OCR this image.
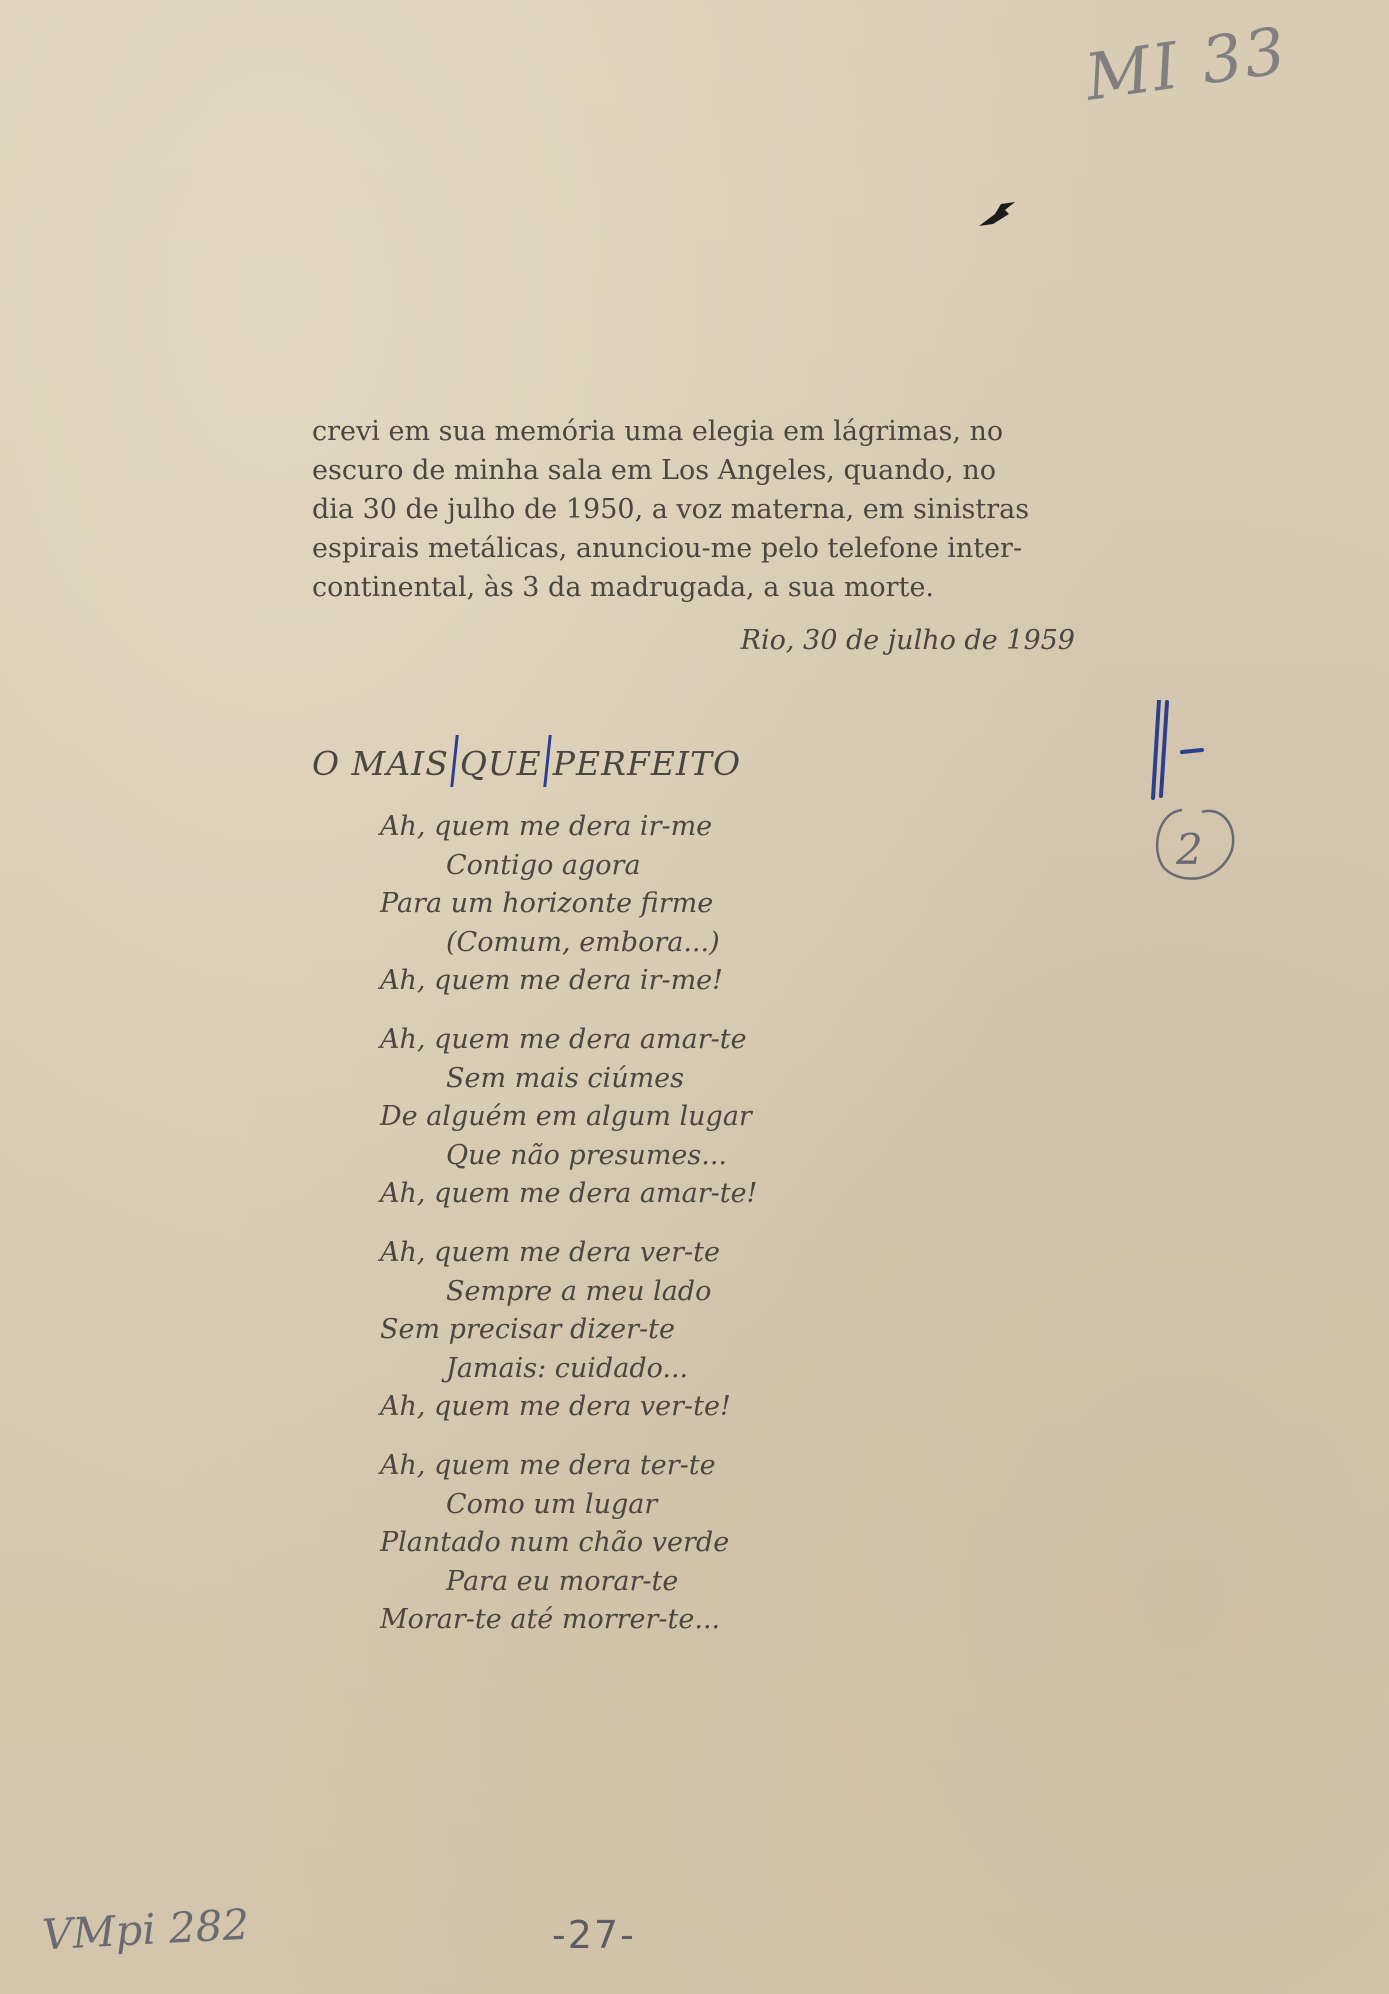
MI 33
crevi em sua memória uma elegia em lágrimas, no
escuro de minha sala em Los Angeles, quando, no
dia 30 de julho de 1950, a voz materna, em sinistras
espirais metálicas, anunciou-me pelo telefone inter-
continental, às 3 da madrugada, a sua morte.
Rio, 30 de julho de 1959
O MAIS QUE PERFEITO
Ah, quem me dera ir-me
Contigo agora
Para um horizonte firme
(Comum, embora...)
Ah, quem me dera ir-me!
Ah, quem me dera amar-te
Sem mais ciúmes
De alguém em algum lugar
Que não presumes...
Ah, quem me dera amar-te!
Ah, quem me dera ver-te
Sempre a meu lado
Sem precisar dizer-te
Jamais: cuidado...
Ah, quem me dera ver-te!
Ah, quem me dera ter-te
Como um lugar
Plantado num chão verde
Para eu morar-te
Morar-te até morrer-te...
2
VMpi 282	-27-
